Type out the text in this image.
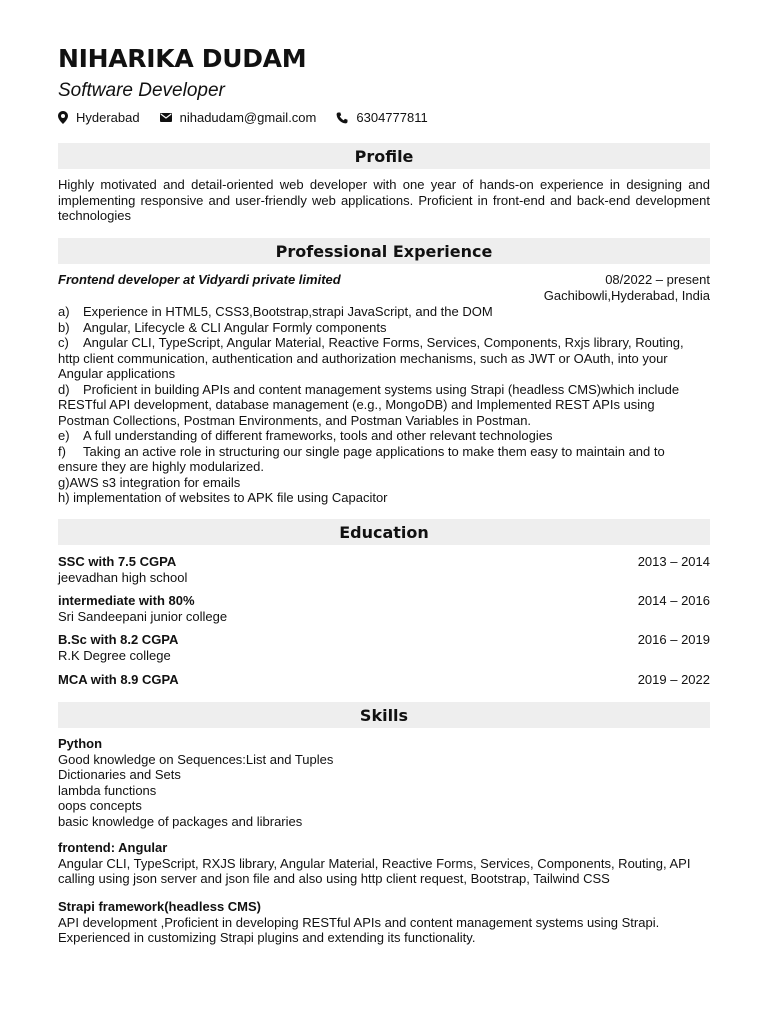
NIHARIKA DUDAM
Software Developer
Hyderabad	nihadudam@gmail.com	6304777811
Profile
Highly motivated and detail-oriented web developer with one year of hands-on experience in designing and implementing responsive and user-friendly web applications. Proficient in front-end and back-end development technologies
Professional Experience
Frontend developer at Vidyardi private limited	08/2022 – present
Gachibowli,Hyderabad, India
a) Experience in HTML5, CSS3,Bootstrap,strapi JavaScript, and the DOM
b) Angular, Lifecycle & CLI Angular Formly components
c) Angular CLI, TypeScript, Angular Material, Reactive Forms, Services, Components, Rxjs library, Routing,
http client communication, authentication and authorization mechanisms, such as JWT or OAuth, into your
Angular applications
d) Proficient in building APIs and content management systems using Strapi (headless CMS)which include
RESTful API development, database management (e.g., MongoDB) and Implemented REST APIs using
Postman Collections, Postman Environments, and Postman Variables in Postman.
e) A full understanding of different frameworks, tools and other relevant technologies
f) Taking an active role in structuring our single page applications to make them easy to maintain and to
ensure they are highly modularized.
g)AWS s3 integration for emails
h) implementation of websites to APK file using Capacitor
Education
SSC with 7.5 CGPA	2013 – 2014
jeevadhan high school
intermediate with 80%	2014 – 2016
Sri Sandeepani junior college
B.Sc with 8.2 CGPA	2016 – 2019
R.K Degree college
MCA with 8.9 CGPA	2019 – 2022
Skills
Python
Good knowledge on Sequences:List and Tuples
Dictionaries and Sets
lambda functions
oops concepts
basic knowledge of packages and libraries
frontend: Angular
Angular CLI, TypeScript, RXJS library, Angular Material, Reactive Forms, Services, Components, Routing, API
calling using json server and json file and also using http client request, Bootstrap, Tailwind CSS
Strapi framework(headless CMS)
API development ,Proficient in developing RESTful APIs and content management systems using Strapi.
Experienced in customizing Strapi plugins and extending its functionality.
